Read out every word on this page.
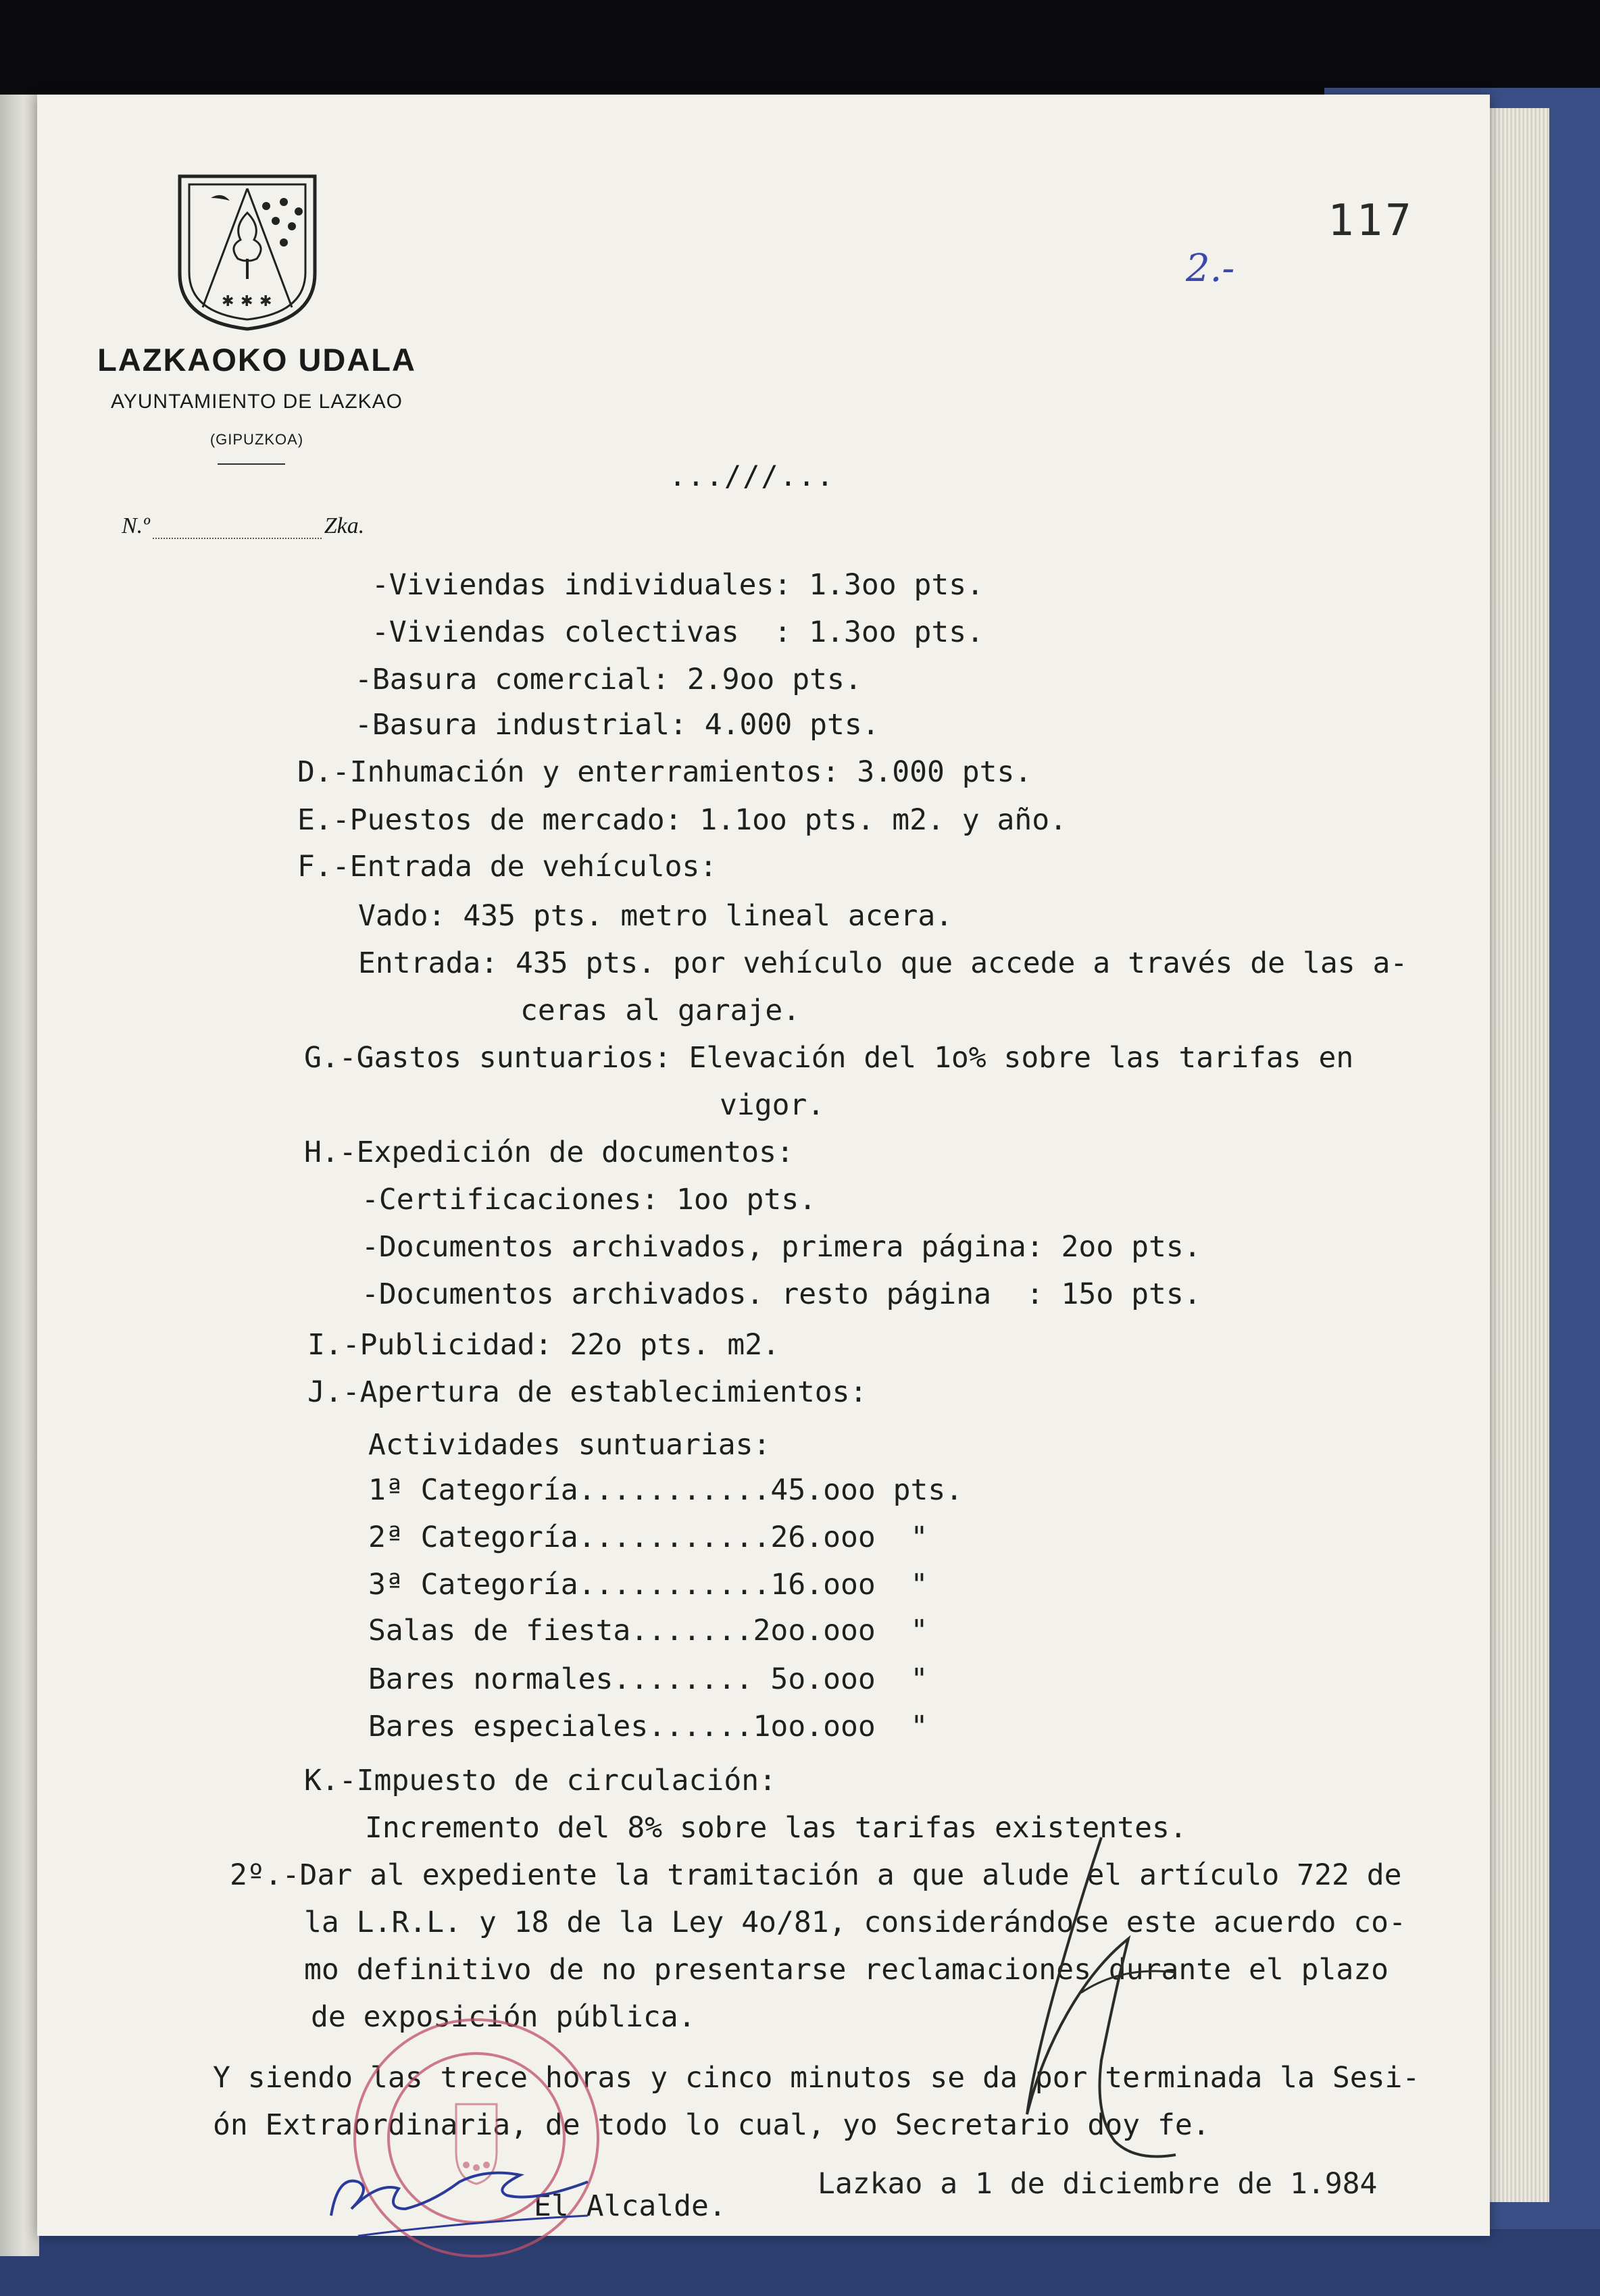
✱ ✱ ✱
LAZKAOKO UDALA
AYUNTAMIENTO DE LAZKAO
(GIPUZKOA)
N.º	Zka.
117
2.-
...///...
-Viviendas individuales: 1.3oo pts.
-Viviendas colectivas  : 1.3oo pts.
-Basura comercial: 2.9oo pts.
-Basura industrial: 4.000 pts.
D.-Inhumación y enterramientos: 3.000 pts.
E.-Puestos de mercado: 1.1oo pts. m2. y año.
F.-Entrada de vehículos:
Vado: 435 pts. metro lineal acera.
Entrada: 435 pts. por vehículo que accede a través de las a-
ceras al garaje.
G.-Gastos suntuarios: Elevación del 1o% sobre las tarifas en
vigor.
H.-Expedición de documentos:
-Certificaciones: 1oo pts.
-Documentos archivados, primera página: 2oo pts.
-Documentos archivados. resto página  : 15o pts.
I.-Publicidad: 22o pts. m2.
J.-Apertura de establecimientos:
Actividades suntuarias:
1ª Categoría...........45.ooo pts.
2ª Categoría...........26.ooo  "
3ª Categoría...........16.ooo  "
Salas de fiesta.......2oo.ooo  "
Bares normales........ 5o.ooo  "
Bares especiales......1oo.ooo  "
K.-Impuesto de circulación:
Incremento del 8% sobre las tarifas existentes.
2º.-Dar al expediente la tramitación a que alude el artículo 722 de
la L.R.L. y 18 de la Ley 4o/81, considerándose este acuerdo co-
mo definitivo de no presentarse reclamaciones durante el plazo
de exposición pública.
Y siendo las trece horas y cinco minutos se da por terminada la Sesi-
ón Extraordinaria, de todo lo cual, yo Secretario doy fe.
El Alcalde.
Lazkao a 1 de diciembre de 1.984
